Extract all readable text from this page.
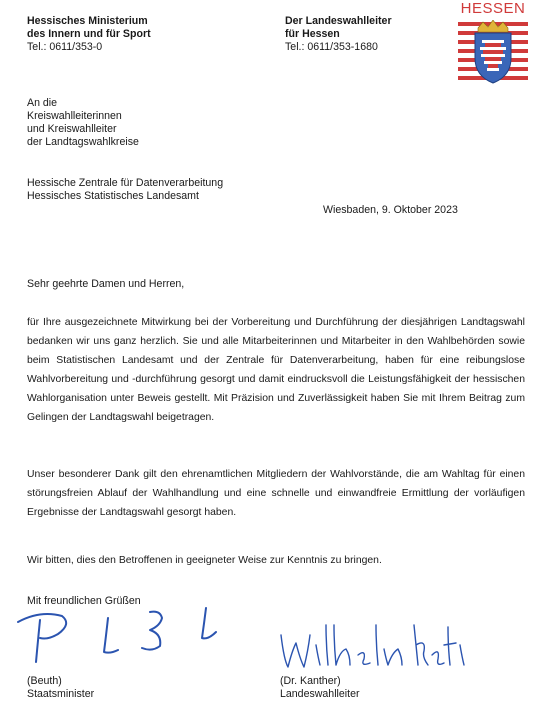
Hessisches Ministerium
des Innern und für Sport
Tel.: 0611/353-0
Der Landeswahlleiter
für Hessen
Tel.: 0611/353-1680
HESSEN
An die
Kreiswahlleiterinnen
und Kreiswahlleiter
der Landtagswahlkreise
Hessische Zentrale für Datenverarbeitung
Hessisches Statistisches Landesamt
Wiesbaden, 9. Oktober 2023
Sehr geehrte Damen und Herren,
für Ihre ausgezeichnete Mitwirkung bei der Vorbereitung und Durchführung der diesjährigen Landtagswahl bedanken wir uns ganz herzlich. Sie und alle Mitarbeiterinnen und Mitarbeiter in den Wahlbehörden sowie beim Statistischen Landesamt und der Zentrale für Datenverarbeitung, haben für eine reibungslose Wahlvorbereitung und -durchführung gesorgt und damit eindrucksvoll die Leistungsfähigkeit der hessischen Wahlorganisation unter Beweis gestellt. Mit Präzision und Zuverlässigkeit haben Sie mit Ihrem Beitrag zum Gelingen der Landtagswahl beigetragen.
Unser besonderer Dank gilt den ehrenamtlichen Mitgliedern der Wahlvorstände, die am Wahltag für einen störungsfreien Ablauf der Wahlhandlung und eine schnelle und einwandfreie Ermittlung der vorläufigen Ergebnisse der Landtagswahl gesorgt haben.
Wir bitten, dies den Betroffenen in geeigneter Weise zur Kenntnis zu bringen.
Mit freundlichen Grüßen
(Beuth)
Staatsminister
(Dr. Kanther)
Landeswahlleiter
